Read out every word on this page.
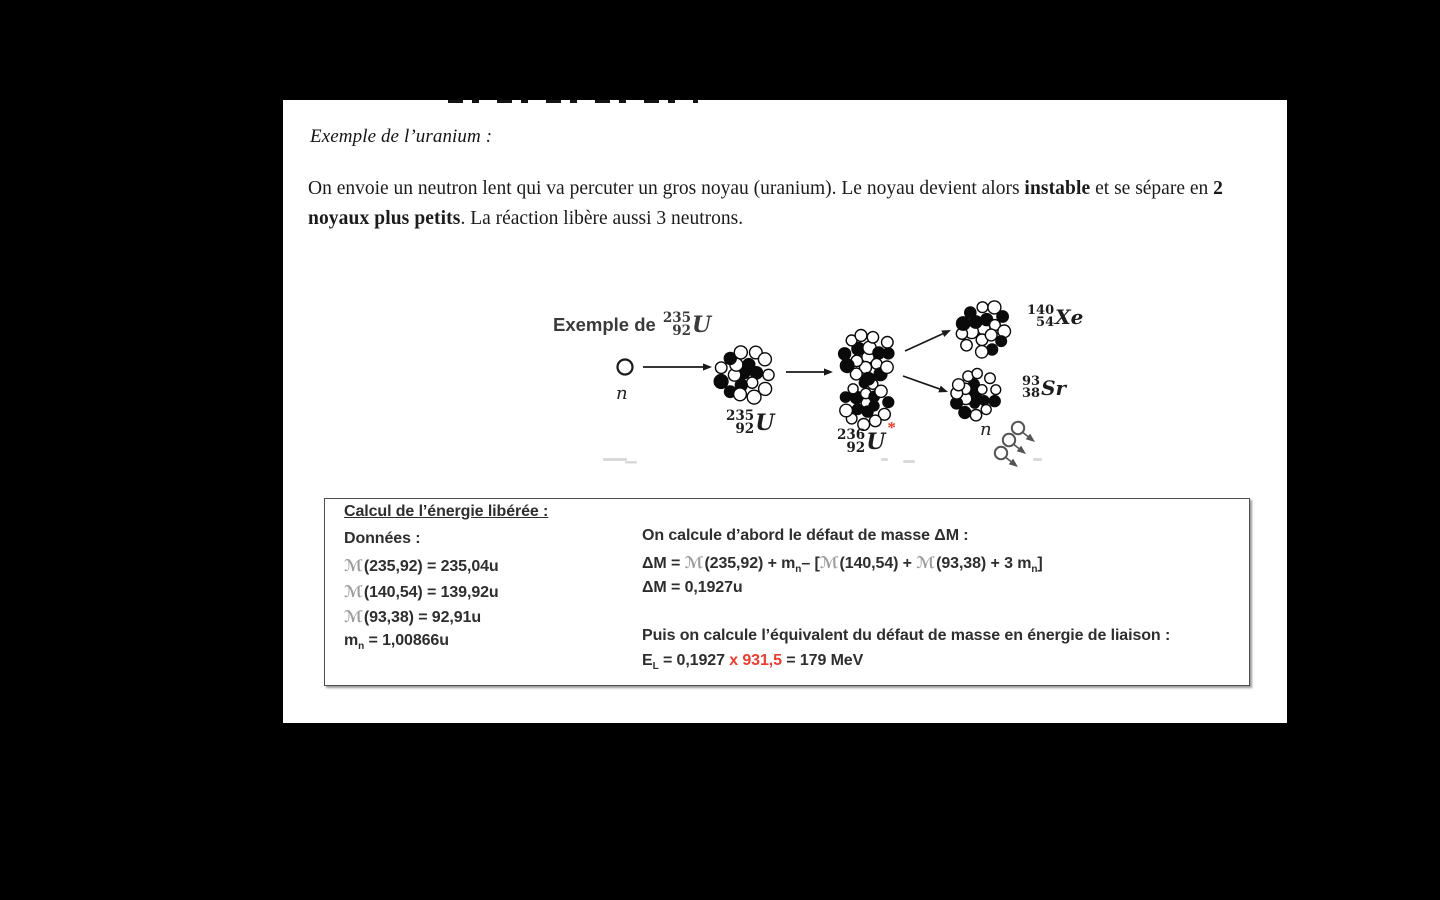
Exemple de l’uranium :

On envoie un neutron lent qui va percuter un gros noyau (uranium). Le noyau devient alors instable et se sépare en 2 noyaux plus petits. La réaction libère aussi 3 neutrons.

Exemple de 235
92 U
n
235
92 U	236
92 U
*
140
54 Xe
93
38 Sr
n
Calcul de l’énergie libérée :
Données :
ℳ(235,92) = 235,04u
ℳ(140,54) = 139,92u
ℳ(93,38) = 92,91u
$m_n = 1,00866u$
On calcule d’abord le défaut de masse ΔM :
ΔM = ℳ(235,92) + $m_n-$ [ℳ(140,54) + ℳ(93,38) + 3 $m_n$]
ΔM = 0,1927u
Puis on calcule l’équivalent du défaut de masse en énergie de liaison :
$E_L = 0,1927$ x 931,5 = 179 MeV
